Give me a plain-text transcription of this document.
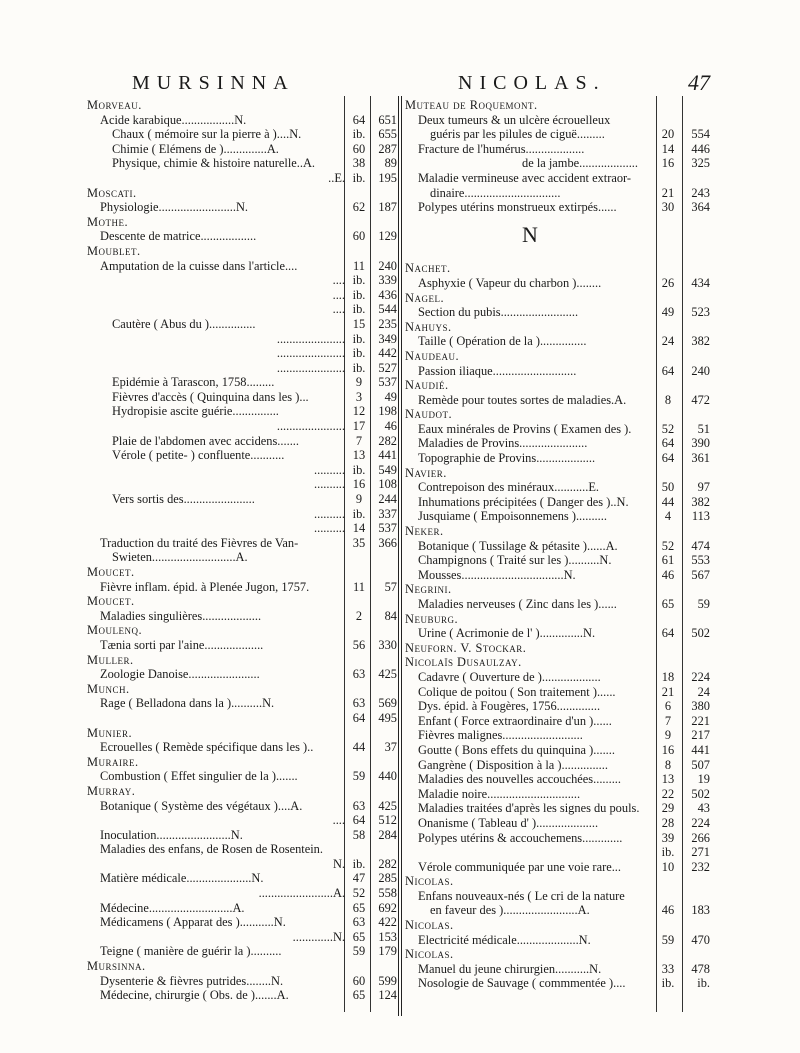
MURSINNA	NICOLAS.	47
Morveau.
Acide karabique.................N.	64	651
Chaux ( mémoire sur la pierre à )....N.	ib.	655
Chimie ( Elémens de )..............A.	60	287
Physique, chimie & histoire naturelle..A.	38	89
..E. ib.	195
Moscati.
Physiologie.........................N.	62	187
Mothe.
Descente de matrice..................	60	129
Moublet.
Amputation de la cuisse dans l'article....	11	240
.... ib.	339
.... ib.	436
.... ib.	544
Cautère ( Abus du )...............	15	235
...................... ib.	349
...................... ib.	442
...................... ib.	527
Epidémie à Tarascon, 1758.........	9	537
Fièvres d'accès ( Quinquina dans les )...	3	49
Hydropisie ascite guérie...............	12	198
...................... 17	46
Plaie de l'abdomen avec accidens.......	7	282
Vérole ( petite- ) confluente...........	13	441
.......... ib.	549
.......... 16	108
Vers sortis des.......................	9	244
.......... ib.	337
.......... 14	537
Traduction du traité des Fièvres de Van-	35	366
Swieten...........................A.
Moucet.
Fièvre inflam. épid. à Plenée Jugon, 1757.	11	57
Moucet.
Maladies singulières...................	2	84
Moulenq.
Tænia sorti par l'aine...................	56	330
Muller.
Zoologie Danoise.......................	63	425
Munch.
Rage ( Belladona dans la )..........N.	63	569
64	495
Munier.
Ecrouelles ( Remède spécifique dans les )..	44	37
Muraire.
Combustion ( Effet singulier de la ).......	59	440
Murray.
Botanique ( Système des végétaux )....A.	63	425
.... 64	512
Inoculation........................N.	58	284
Maladies des enfans, de Rosen de Rosentein.
N. ib.	282
Matière médicale.....................N.	47	285
........................A. 52	558
Médecine...........................A.	65	692
Médicamens ( Apparat des )...........N.	63	422
.............N. 65	153
Teigne ( manière de guérir la )..........	59	179
Mursinna.
Dysenterie & fièvres putrides........N.	60	599
Médecine, chirurgie ( Obs. de ).......A.	65	124
Muteau de Roquemont.
Deux tumeurs & un ulcère écrouelleux
guéris par les pilules de ciguë.........	20	554
Fracture de l'humérus...................	14	446
de la jambe...................	16	325
Maladie vermineuse avec accident extraor-
dinaire...............................	21	243
Polypes utérins monstrueux extirpés......	30	364
N
Nachet.
Asphyxie ( Vapeur du charbon )........	26	434
Nagel.
Section du pubis.........................	49	523
Nahuys.
Taille ( Opération de la )...............	24	382
Naudeau.
Passion iliaque...........................	64	240
Naudié.
Remède pour toutes sortes de maladies.A.	8	472
Naudot.
Eaux minérales de Provins ( Examen des ).	52	51
Maladies de Provins......................	64	390
Topographie de Provins...................	64	361
Navier.
Contrepoison des minéraux...........E.	50	97
Inhumations précipitées ( Danger des )..N.	44	382
Jusquiame ( Empoisonnemens )..........	4	113
Neker.
Botanique ( Tussilage & pétasite )......A.	52	474
Champignons ( Traité sur les )..........N.	61	553
Mousses.................................N.	46	567
Negrini.
Maladies nerveuses ( Zinc dans les )......	65	59
Neuburg.
Urine ( Acrimonie de l' )..............N.	64	502
Neuforn. V. Stockar.
Nicolaïs Dusaulzay.
Cadavre ( Ouverture de )...................	18	224
Colique de poitou ( Son traitement )......	21	24
Dys. épid. à Fougères, 1756..............	6	380
Enfant ( Force extraordinaire d'un )......	7	221
Fièvres malignes..........................	9	217
Goutte ( Bons effets du quinquina ).......	16	441
Gangrène ( Disposition à la )...............	8	507
Maladies des nouvelles accouchées.........	13	19
Maladie noire..............................	22	502
Maladies traitées d'après les signes du pouls.	29	43
Onanisme ( Tableau d' )....................	28	224
Polypes utérins & accouchemens.............	39	266
ib.	271
Vérole communiquée par une voie rare...	10	232
Nicolas.
Enfans nouveaux-nés ( Le cri de la nature
en faveur des )........................A.	46	183
Nicolas.
Electricité médicale....................N.	59	470
Nicolas.
Manuel du jeune chirurgien...........N.	33	478
Nosologie de Sauvage ( commmentée )....	ib.	ib.
